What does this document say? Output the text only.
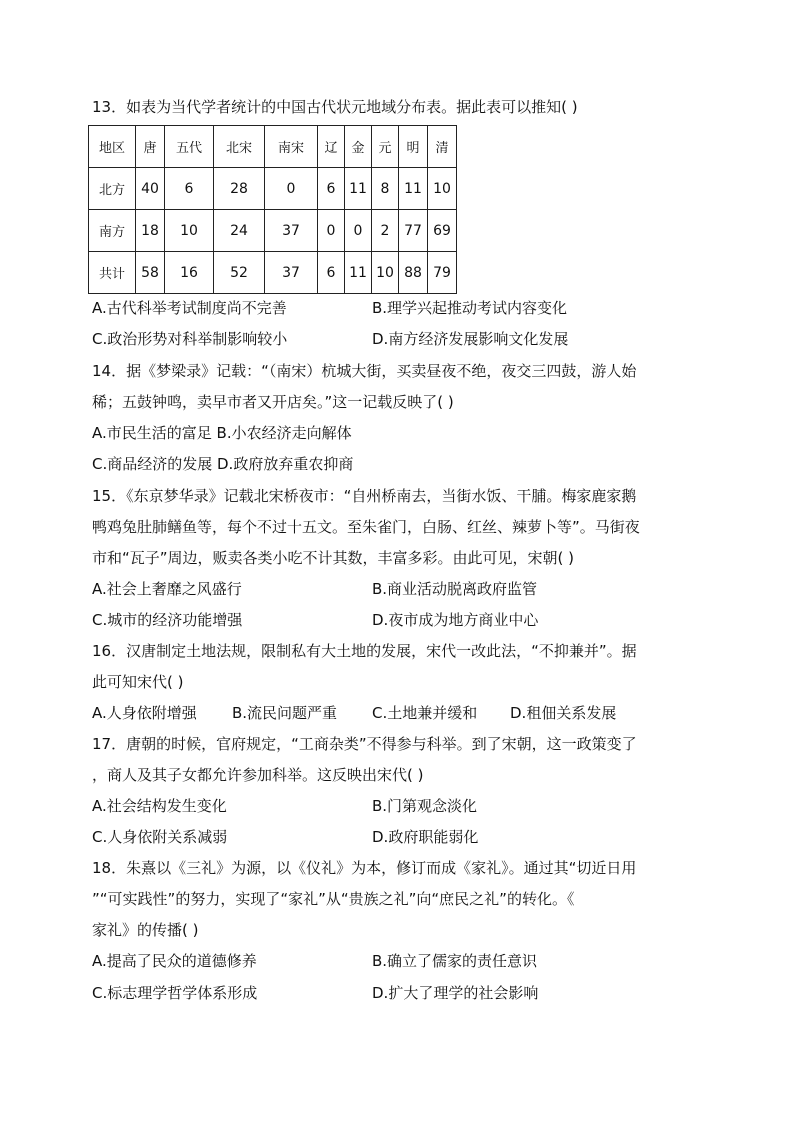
13．如表为当代学者统计的中国古代状元地域分布表。据此表可以推知( )
地区	唐	五代	北宋	南宋	辽	金	元	明	清
北方	40	6	28	0	6	11	8	11	10
南方	18	10	24	37	0	0	2	77	69
共计	58	16	52	37	6	11	10	88	79
A.古代科举考试制度尚不完善	B.理学兴起推动考试内容变化
C.政治形势对科举制影响较小	D.南方经济发展影响文化发展
14．据《梦梁录》记载：“（南宋）杭城大街，买卖昼夜不绝，夜交三四鼓，游人始
稀；五鼓钟鸣，卖早市者又开店矣。”这一记载反映了( )
A.市民生活的富足 B.小农经济走向解体
C.商品经济的发展 D.政府放弃重农抑商
15．《东京梦华录》记载北宋桥夜市：“自州桥南去，当街水饭、干脯。梅家鹿家鹅
鸭鸡兔肚肺鳝鱼等，每个不过十五文。至朱雀门，白肠、红丝、辣萝卜等”。马街夜
市和“瓦子”周边，贩卖各类小吃不计其数，丰富多彩。由此可见，宋朝( )
A.社会上奢靡之风盛行	B.商业活动脱离政府监管
C.城市的经济功能增强	D.夜市成为地方商业中心
16．汉唐制定土地法规，限制私有大土地的发展，宋代一改此法，“不抑兼并”。据
此可知宋代( )
A.人身依附增强 B.流民问题严重 C.土地兼并缓和 D.租佃关系发展
17．唐朝的时候，官府规定，“工商杂类”不得参与科举。到了宋朝，这一政策变了
，商人及其子女都允许参加科举。这反映出宋代( )
A.社会结构发生变化	B.门第观念淡化
C.人身依附关系减弱	D.政府职能弱化
18．朱熹以《三礼》为源，以《仪礼》为本，修订而成《家礼》。通过其“切近日用
”“可实践性”的努力，实现了“家礼”从“贵族之礼”向“庶民之礼”的转化。《
家礼》的传播( )
A.提高了民众的道德修养	B.确立了儒家的责任意识
C.标志理学哲学体系形成	D.扩大了理学的社会影响
